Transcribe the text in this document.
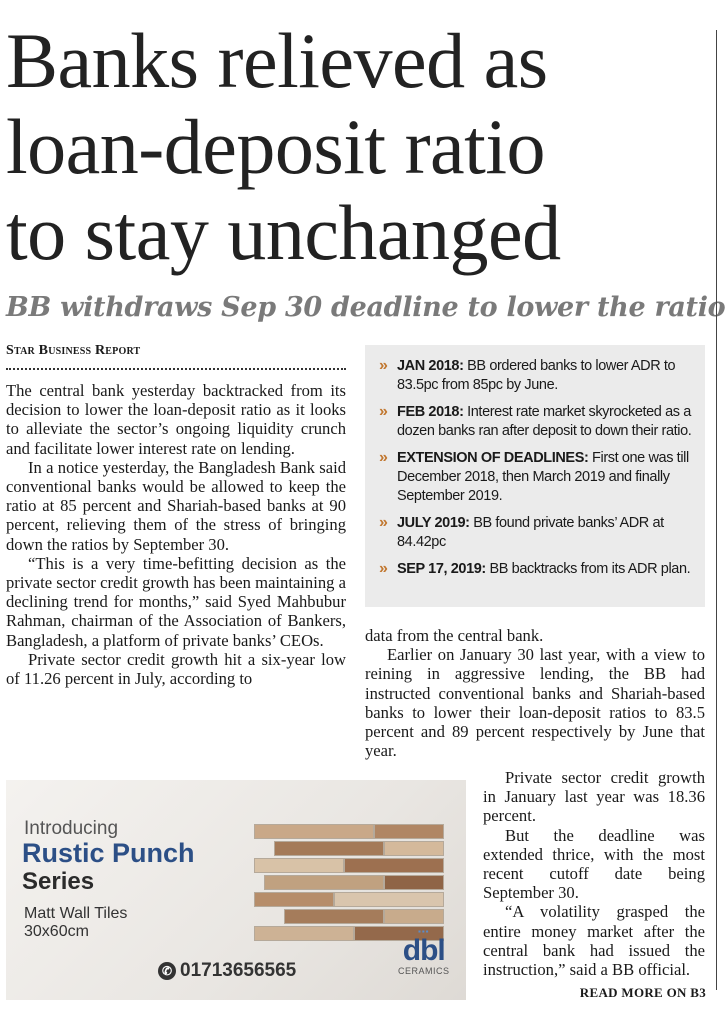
Banks relieved as
loan-deposit ratio
to stay unchanged
BB withdraws Sep 30 deadline to lower the ratio
Star Business Report

The central bank yesterday backtracked from its decision to lower the loan-deposit ratio as it looks to alleviate the sector’s ongoing liquidity crunch and facilitate lower interest rate on lending.

In a notice yesterday, the Bangladesh Bank said conventional banks would be allowed to keep the ratio at 85 percent and Shariah-based banks at 90 percent, relieving them of the stress of bringing down the ratios by September 30.

“This is a very time-befitting decision as the private sector credit growth has been maintaining a declining trend for months,” said Syed Mahbubur Rahman, chairman of the Association of Bankers, Bangladesh, a platform of private banks’ CEOs.

Private sector credit growth hit a six-year low of 11.26 percent in July, according to

» JAN 2018: BB ordered banks to lower ADR to 83.5pc from 85pc by June.
» FEB 2018: Interest rate market skyrocketed as a dozen banks ran after deposit to down their ratio.
» EXTENSION OF DEADLINES: First one was till December 2018, then March 2019 and finally September 2019.
» JULY 2019: BB found private banks’ ADR at 84.42pc
» SEP 17, 2019: BB backtracks from its ADR plan.

data from the central bank.

Earlier on January 30 last year, with a view to reining in aggressive lending, the BB had instructed conventional banks and Shariah-based banks to lower their loan-deposit ratios to 83.5 percent and 89 percent respectively by June that year.

Private sector credit growth in January last year was 18.36 percent.

But the deadline was extended thrice, with the most recent cutoff date being September 30.

“A volatility grasped the entire money market after the central bank had issued the instruction,” said a BB official.

READ MORE ON B3
Introducing
Rustic Punch
Series
Matt Wall Tiles
30x60cm
✆ 01713656565
▪▪▪
dbl
CERAMICS
